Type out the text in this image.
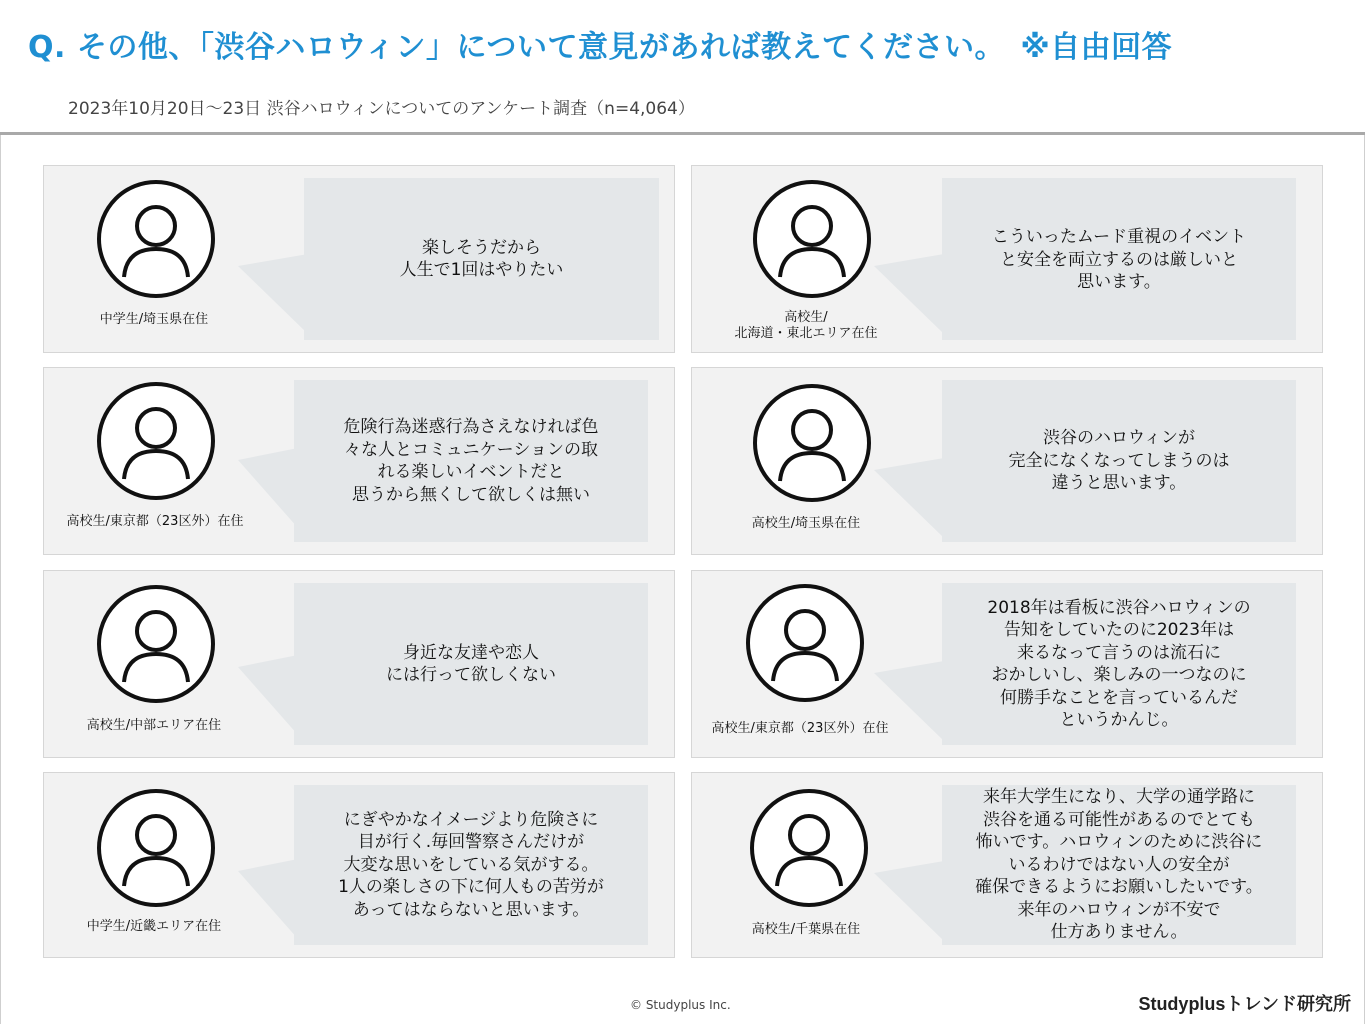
Q. その他、「渋谷ハロウィン」について意見があれば教えてください。　※自由回答
2023年10月20日〜23日 渋谷ハロウィンについてのアンケート調査（n=4,064）
中学生/埼玉県在住
楽しそうだから
人生で1回はやりたい
高校生/
北海道・東北エリア在住
こういったムード重視のイベント
と安全を両立するのは厳しいと
思います。
高校生/東京都（23区外）在住
危険行為迷惑行為さえなければ色
々な人とコミュニケーションの取
れる楽しいイベントだと
思うから無くして欲しくは無い
高校生/埼玉県在住
渋谷のハロウィンが
完全になくなってしまうのは
違うと思います。
高校生/中部エリア在住
身近な友達や恋人
には行って欲しくない
高校生/東京都（23区外）在住
2018年は看板に渋谷ハロウィンの
告知をしていたのに2023年は
来るなって言うのは流石に
おかしいし、楽しみの一つなのに
何勝手なことを言っているんだ
というかんじ。
中学生/近畿エリア在住
にぎやかなイメージより危険さに
目が行く.毎回警察さんだけが
大変な思いをしている気がする。
1人の楽しさの下に何人もの苦労が
あってはならないと思います。
高校生/千葉県在住
来年大学生になり、大学の通学路に
渋谷を通る可能性があるのでとても
怖いです。ハロウィンのために渋谷に
いるわけではない人の安全が
確保できるようにお願いしたいです。
来年のハロウィンが不安で
仕方ありません。
© Studyplus Inc.	Studyplusトレンド研究所
